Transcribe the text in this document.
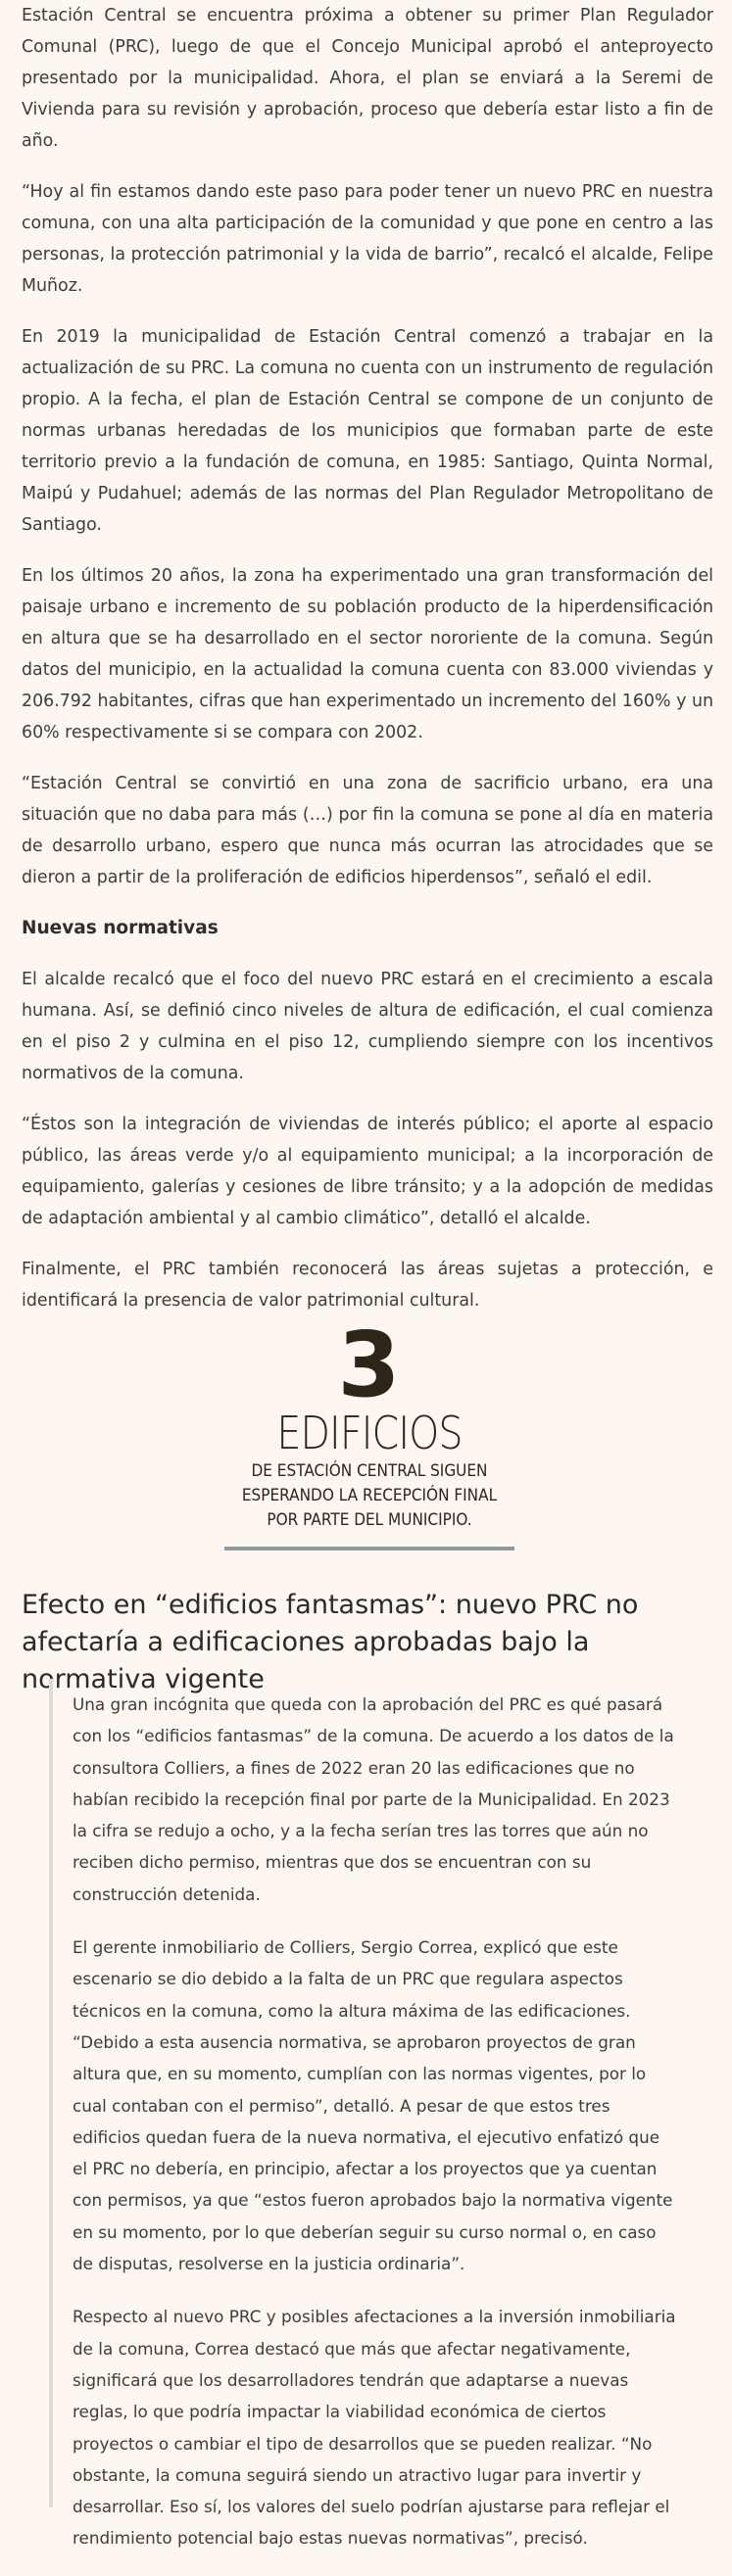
Estación Central se encuentra próxima a obtener su primer Plan Regulador Comunal (PRC), luego de que el Concejo Municipal aprobó el anteproyecto presentado por la municipalidad. Ahora, el plan se enviará a la Seremi de Vivienda para su revisión y aprobación, proceso que debería estar listo a fin de año.

“Hoy al fin estamos dando este paso para poder tener un nuevo PRC en nuestra comuna, con una alta participación de la comunidad y que pone en centro a las personas, la protección patrimonial y la vida de barrio”, recalcó el alcalde, Felipe Muñoz.

En 2019 la municipalidad de Estación Central comenzó a trabajar en la actualización de su PRC. La comuna no cuenta con un instrumento de regulación propio. A la fecha, el plan de Estación Central se compone de un conjunto de normas urbanas heredadas de los municipios que formaban parte de este territorio previo a la fundación de comuna, en 1985: Santiago, Quinta Normal, Maipú y Pudahuel; además de las normas del Plan Regulador Metropolitano de Santiago.

En los últimos 20 años, la zona ha experimentado una gran transformación del paisaje urbano e incremento de su población producto de la hiperdensificación en altura que se ha desarrollado en el sector nororiente de la comuna. Según datos del municipio, en la actualidad la comuna cuenta con 83.000 viviendas y 206.792 habitantes, cifras que han experimentado un incremento del 160% y un 60% respectivamente si se compara con 2002.

“Estación Central se convirtió en una zona de sacrificio urbano, era una situación que no daba para más (…) por fin la comuna se pone al día en materia de desarrollo urbano, espero que nunca más ocurran las atrocidades que se dieron a partir de la proliferación de edificios hiperdensos”, señaló el edil.

Nuevas normativas

El alcalde recalcó que el foco del nuevo PRC estará en el crecimiento a escala humana. Así, se definió cinco niveles de altura de edificación, el cual comienza en el piso 2 y culmina en el piso 12, cumpliendo siempre con los incentivos normativos de la comuna.

“Éstos son la integración de viviendas de interés público; el aporte al espacio público, las áreas verde y/o al equipamiento municipal; a la incorporación de equipamiento, galerías y cesiones de libre tránsito; y a la adopción de medidas de adaptación ambiental y al cambio climático”, detalló el alcalde.

Finalmente, el PRC también reconocerá las áreas sujetas a protección, e identificará la presencia de valor patrimonial cultural.

3
EDIFICIOS
DE ESTACIÓN CENTRAL SIGUEN
ESPERANDO LA RECEPCIÓN FINAL
POR PARTE DEL MUNICIPIO.
Efecto en “edificios fantasmas”: nuevo PRC no afectaría a edificaciones aprobadas bajo la normativa vigente

Una gran incógnita que queda con la aprobación del PRC es qué pasará con los “edificios fantasmas” de la comuna. De acuerdo a los datos de la consultora Colliers, a fines de 2022 eran 20 las edificaciones que no habían recibido la recepción final por parte de la Municipalidad. En 2023 la cifra se redujo a ocho, y a la fecha serían tres las torres que aún no reciben dicho permiso, mientras que dos se encuentran con su construcción detenida.

El gerente inmobiliario de Colliers, Sergio Correa, explicó que este escenario se dio debido a la falta de un PRC que regulara aspectos técnicos en la comuna, como la altura máxima de las edificaciones. “Debido a esta ausencia normativa, se aprobaron proyectos de gran altura que, en su momento, cumplían con las normas vigentes, por lo cual contaban con el permiso”, detalló. A pesar de que estos tres edificios quedan fuera de la nueva normativa, el ejecutivo enfatizó que el PRC no debería, en principio, afectar a los proyectos que ya cuentan con permisos, ya que “estos fueron aprobados bajo la normativa vigente en su momento, por lo que deberían seguir su curso normal o, en caso de disputas, resolverse en la justicia ordinaria”.

Respecto al nuevo PRC y posibles afectaciones a la inversión inmobiliaria de la comuna, Correa destacó que más que afectar negativamente, significará que los desarrolladores tendrán que adaptarse a nuevas reglas, lo que podría impactar la viabilidad económica de ciertos proyectos o cambiar el tipo de desarrollos que se pueden realizar. “No obstante, la comuna seguirá siendo un atractivo lugar para invertir y desarrollar. Eso sí, los valores del suelo podrían ajustarse para reflejar el rendimiento potencial bajo estas nuevas normativas”, precisó.
